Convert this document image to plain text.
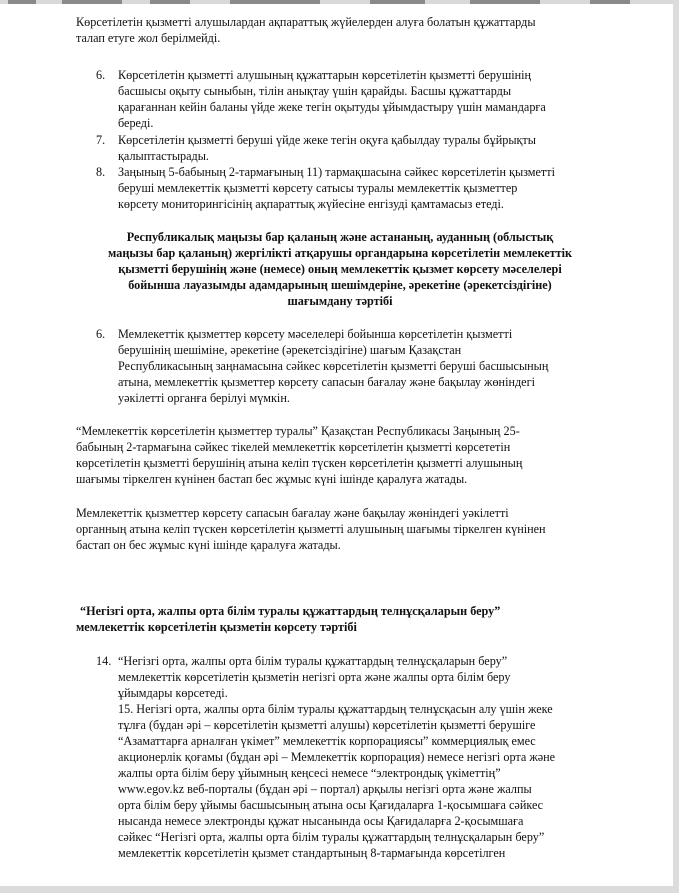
Көрсетілетін қызметті алушылардан ақпараттық жүйелерден алуға болатын құжаттарды
талап етуге жол берілмейді.
6. Көрсетілетін қызметті алушының құжаттарын көрсетілетін қызметті берушінің
басшысы оқыту сыныбын, тілін анықтау үшін қарайды. Басшы құжаттарды
қарағаннан кейін баланы үйде жеке тегін оқытуды ұйымдастыру үшін мамандарға
береді.
7. Көрсетілетін қызметті беруші үйде жеке тегін оқуға қабылдау туралы бұйрықты
қалыптастырады.
8. Заңының 5-бабының 2-тармағының 11) тармақшасына сәйкес көрсетілетін қызметті
беруші мемлекеттік қызметті көрсету сатысы туралы мемлекеттік қызметтер
көрсету мониторингісінің ақпараттық жүйесіне енгізуді қамтамасыз етеді.
Республикалық маңызы бар қаланың және астананың, ауданның (облыстық
маңызы бар қаланың) жергілікті атқарушы органдарына көрсетілетін мемлекеттік
қызметті берушінің және (немесе) оның мемлекеттік қызмет көрсету мәселелері
бойынша лауазымды адамдарының шешімдеріне, әрекетіне (әрекетсіздігіне)
шағымдану тәртібі
6. Мемлекеттік қызметтер көрсету мәселелері бойынша көрсетілетін қызметті
берушінің шешіміне, әрекетіне (әрекетсіздігіне) шағым Қазақстан
Республикасының заңнамасына сәйкес көрсетілетін қызметті беруші басшысының
атына, мемлекеттік қызметтер көрсету сапасын бағалау және бақылау жөніндегі
уәкілетті органға берілуі мүмкін.
“Мемлекеттік көрсетілетін қызметтер туралы” Қазақстан Республикасы Заңының 25-
бабының 2-тармағына сәйкес тікелей мемлекеттік көрсетілетін қызметті көрсететін
көрсетілетін қызметті берушінің атына келіп түскен көрсетілетін қызметті алушының
шағымы тіркелген күнінен бастап бес жұмыс күні ішінде қаралуға жатады.
Мемлекеттік қызметтер көрсету сапасын бағалау және бақылау жөніндегі уәкілетті
органның атына келіп түскен көрсетілетін қызметті алушының шағымы тіркелген күнінен
бастап он бес жұмыс күні ішінде қаралуға жатады.
“Негізгі орта, жалпы орта білім туралы құжаттардың телнұсқаларын беру”
мемлекеттік көрсетілетін қызметін көрсету тәртібі
14. “Негізгі орта, жалпы орта білім туралы құжаттардың телнұсқаларын беру”
мемлекеттік көрсетілетін қызметін негізгі орта және жалпы орта білім беру
ұйымдары көрсетеді.
15. Негізгі орта, жалпы орта білім туралы құжаттардың телнұсқасын алу үшін жеке
тұлға (бұдан әрі – көрсетілетін қызметті алушы) көрсетілетін қызметті берушіге
“Азаматтарға арналған үкімет” мемлекеттік корпорациясы” коммерциялық емес
акционерлік қоғамы (бұдан әрі – Мемлекеттік корпорация) немесе негізгі орта және
жалпы орта білім беру ұйымның кеңсесі немесе “электрондық үкіметтің”
www.egov.kz веб-порталы (бұдан әрі – портал) арқылы негізгі орта және жалпы
орта білім беру ұйымы басшысының атына осы Қағидаларға 1-қосымшаға сәйкес
нысанда немесе электронды құжат нысанында осы Қағидаларға 2-қосымшаға
сәйкес “Негізгі орта, жалпы орта білім туралы құжаттардың телнұсқаларын беру”
мемлекеттік көрсетілетін қызмет стандартының 8-тармағында көрсетілген
